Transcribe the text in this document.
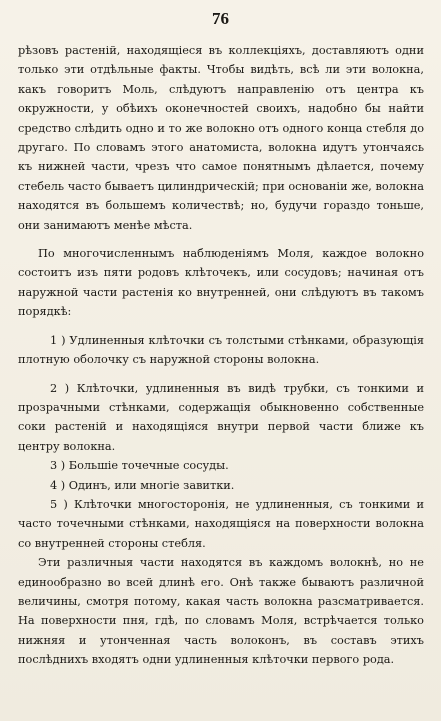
76

рѣзовъ растенiй, находящiеся въ коллекцiяхъ, доставляютъ одни только эти отдѣльные факты. Чтобы видѣть, всѣ ли эти волокна, какъ говоритъ Моль, слѣдуютъ направленiю отъ центра къ окружности, у обѣихъ оконечностей своихъ, надобно бы найти средство слѣдить одно и то же волокно отъ одного конца стебля до другаго. По словамъ этого анатомиста, волокна идутъ утончаясь къ нижней части, чрезъ что самое понятнымъ дѣлается, почему стебель часто бываетъ цилиндрическiй; при основанiи же, волокна находятся въ большемъ количествѣ; но, будучи гораздо тоньше, они занимаютъ менѣе мѣста.

По многочисленнымъ наблюденiямъ Моля, каждое волокно состоитъ изъ пяти родовъ клѣточекъ, или сосудовъ; начиная отъ наружной части растенiя ко внутренней, они слѣдуютъ въ такомъ порядкѣ:

1 ) Удлиненныя клѣточки съ толстыми стѣнками, образующiя плотную оболочку съ наружной стороны волокна.

2 ) Клѣточки, удлиненныя въ видѣ трубки, съ тонкими и прозрачными стѣнками, содержащiя обыкновенно собственные соки растенiй и находящiяся внутри первой части ближе къ центру волокна.

3 ) Большiе точечные сосуды.

4 ) Одинъ, или многiе завитки.

5 ) Клѣточки многосторонiя, не удлиненныя, съ тонкими и часто точечными стѣнками, находящiяся на поверхности волокна со внутренней стороны стебля.

Эти различныя части находятся въ каждомъ волокнѣ, но не единообразно во всей длинѣ его. Онѣ также бываютъ различной величины, смотря потому, какая часть волокна разсматривается. На поверхности пня, гдѣ, по словамъ Моля, встрѣчается только нижняя и утонченная часть волоконъ, въ составъ этихъ послѣднихъ входятъ одни удлиненныя клѣточки первого рода.
